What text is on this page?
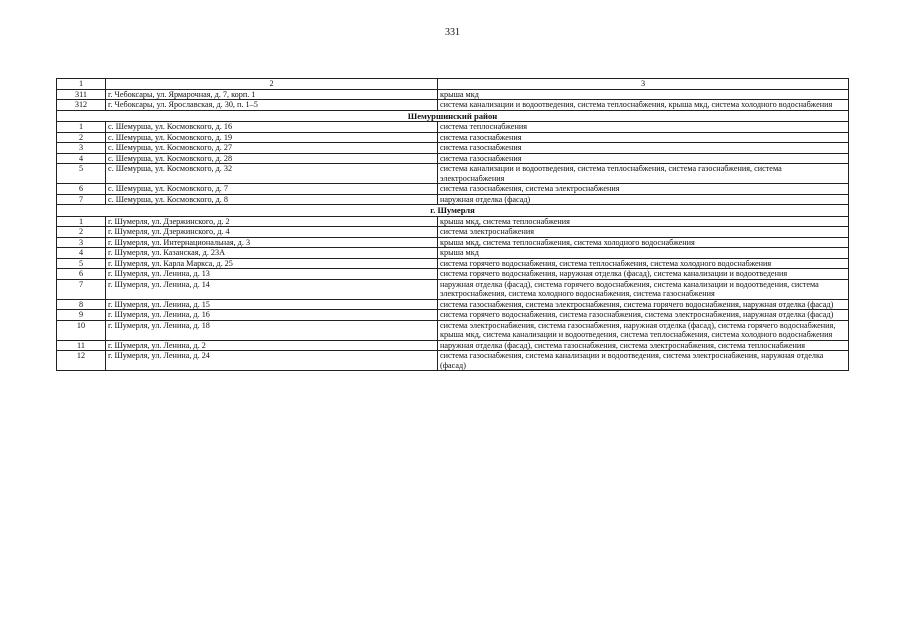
331
1	2	3
311	г. Чебоксары, ул. Ярмарочная, д. 7, корп. 1	крыша мкд
312	г. Чебоксары, ул. Ярославская, д. 30, п. 1–5	система канализации и водоотведения, система теплоснабжения, крыша мкд, система холодного водоснабжения
Шемуршинский район		
1	с. Шемурша, ул. Космовского, д. 16	система теплоснабжения
2	с. Шемурша, ул. Космовского, д. 19	система газоснабжения
3	с. Шемурша, ул. Космовского, д. 27	система газоснабжения
4	с. Шемурша, ул. Космовского, д. 28	система газоснабжения
5	с. Шемурша, ул. Космовского, д. 32	система канализации и водоотведения, система теплоснабжения, система газоснабжения, система электроснабжения
6	с. Шемурша, ул. Космовского, д. 7	система газоснабжения, система электроснабжения
7	с. Шемурша, ул. Космовского, д. 8	наружная отделка (фасад)
г. Шумерля		
1	г. Шумерля, ул. Дзержинского, д. 2	крыша мкд, система теплоснабжения
2	г. Шумерля, ул. Дзержинского, д. 4	система электроснабжения
3	г. Шумерля, ул. Интернациональная, д. 3	крыша мкд, система теплоснабжения, система холодного водоснабжения
4	г. Шумерля, ул. Казанская, д. 23А	крыша мкд
5	г. Шумерля, ул. Карла Маркса, д. 25	система горячего водоснабжения, система теплоснабжения, система холодного водоснабжения
6	г. Шумерля, ул. Ленина, д. 13	система горячего водоснабжения, наружная отделка (фасад), система канализации и водоотведения
7	г. Шумерля, ул. Ленина, д. 14	наружная отделка (фасад), система горячего водоснабжения, система канализации и водоотведения, система электроснабжения, система холодного водоснабжения, система газоснабжения
8	г. Шумерля, ул. Ленина, д. 15	система газоснабжения, система электроснабжения, система горячего водоснабжения, наружная отделка (фасад)
9	г. Шумерля, ул. Ленина, д. 16	система горячего водоснабжения, система газоснабжения, система электроснабжения, наружная отделка (фасад)
10	г. Шумерля, ул. Ленина, д. 18	система электроснабжения, система газоснабжения, наружная отделка (фасад), система горячего водоснабжения, крыша мкд, система канализации и водоотведения, система теплоснабжения, система холодного водоснабжения
11	г. Шумерля, ул. Ленина, д. 2	наружная отделка (фасад), система газоснабжения, система электроснабжения, система теплоснабжения
12	г. Шумерля, ул. Ленина, д. 24	система газоснабжения, система канализации и водоотведения, система электроснабжения, наружная отделка (фасад)
